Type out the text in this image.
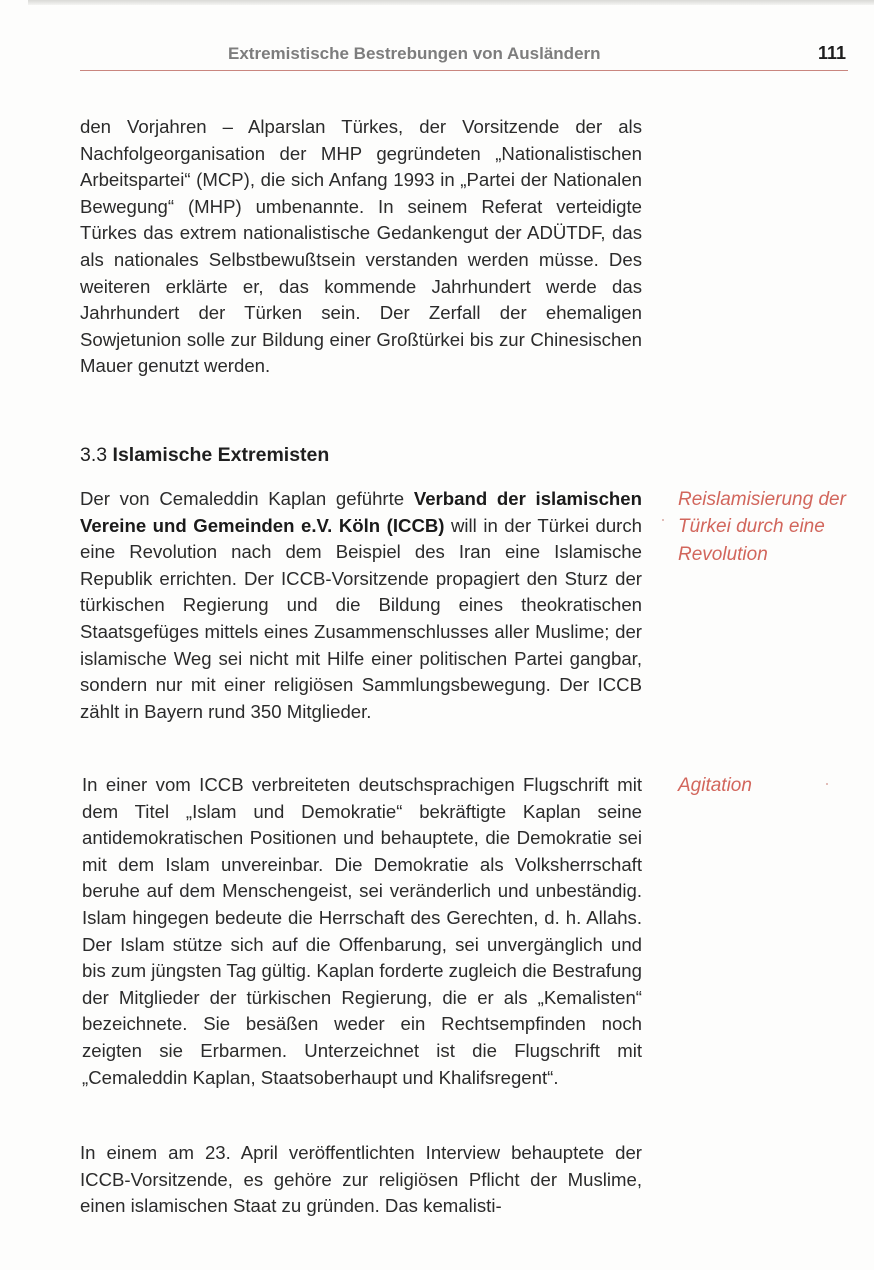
Extremistische Bestrebungen von Ausländern	111

den Vorjahren – Alparslan Türkes, der Vorsitzende der als Nachfolgeorganisation der MHP gegründeten „Nationalistischen Arbeitspartei“ (MCP), die sich Anfang 1993 in „Partei der Nationalen Bewegung“ (MHP) umbenannte. In seinem Referat verteidigte Türkes das extrem nationalistische Gedankengut der ADÜTDF, das als nationales Selbstbewußtsein verstanden werden müsse. Des weiteren erklärte er, das kommende Jahrhundert werde das Jahrhundert der Türken sein. Der Zerfall der ehemaligen Sowjetunion solle zur Bildung einer Großtürkei bis zur Chinesischen Mauer genutzt werden.

3.3 Islamische Extremisten

Der von Cemaleddin Kaplan geführte Verband der islamischen Vereine und Gemeinden e.V. Köln (ICCB) will in der Türkei durch eine Revolution nach dem Beispiel des Iran eine Islamische Republik errichten. Der ICCB-Vorsitzende propagiert den Sturz der türkischen Regierung und die Bildung eines theokratischen Staatsgefüges mittels eines Zusammenschlusses aller Muslime; der islamische Weg sei nicht mit Hilfe einer politischen Partei gangbar, sondern nur mit einer religiösen Sammlungsbewegung. Der ICCB zählt in Bayern rund 350 Mitglieder.

Reislamisierung der Türkei durch eine Revolution

In einer vom ICCB verbreiteten deutschsprachigen Flugschrift mit dem Titel „Islam und Demokratie“ bekräftigte Kaplan seine antidemokratischen Positionen und behauptete, die Demokratie sei mit dem Islam unvereinbar. Die Demokratie als Volksherrschaft beruhe auf dem Menschengeist, sei veränderlich und unbeständig. Islam hingegen bedeute die Herrschaft des Gerechten, d. h. Allahs. Der Islam stütze sich auf die Offenbarung, sei unvergänglich und bis zum jüngsten Tag gültig. Kaplan forderte zugleich die Bestrafung der Mitglieder der türkischen Regierung, die er als „Kemalisten“ bezeichnete. Sie besäßen weder ein Rechtsempfinden noch zeigten sie Erbarmen. Unterzeichnet ist die Flugschrift mit „Cemaleddin Kaplan, Staatsoberhaupt und Khalifsregent“.

Agitation

In einem am 23. April veröffentlichten Interview behauptete der ICCB-Vorsitzende, es gehöre zur religiösen Pflicht der Muslime, einen islamischen Staat zu gründen. Das kemalisti-
